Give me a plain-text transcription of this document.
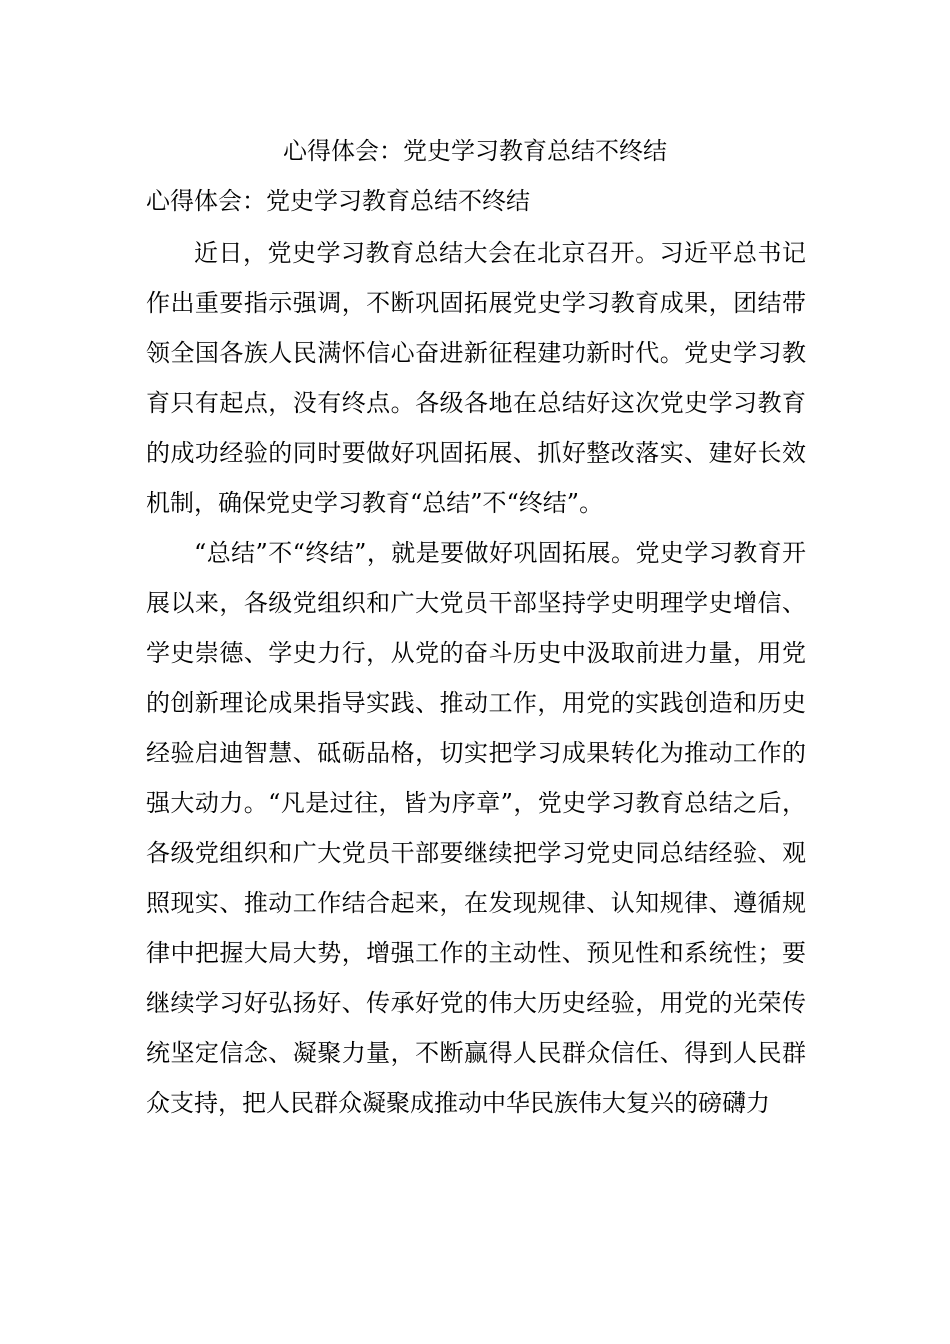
心得体会：党史学习教育总结不终结
心得体会：党史学习教育总结不终结

近日，党史学习教育总结大会在北京召开。习近平总书记作出重要指示强调，不断巩固拓展党史学习教育成果，团结带领全国各族人民满怀信心奋进新征程建功新时代。党史学习教育只有起点，没有终点。各级各地在总结好这次党史学习教育的成功经验的同时要做好巩固拓展、抓好整改落实、建好长效机制，确保党史学习教育“总结”不“终结”。

“总结”不“终结”，就是要做好巩固拓展。党史学习教育开展以来，各级党组织和广大党员干部坚持学史明理学史增信、学史崇德、学史力行，从党的奋斗历史中汲取前进力量，用党的创新理论成果指导实践、推动工作，用党的实践创造和历史经验启迪智慧、砥砺品格，切实把学习成果转化为推动工作的强大动力。“凡是过往，皆为序章”，党史学习教育总结之后，各级党组织和广大党员干部要继续把学习党史同总结经验、观照现实、推动工作结合起来，在发现规律、认知规律、遵循规律中把握大局大势，增强工作的主动性、预见性和系统性；要继续学习好弘扬好、传承好党的伟大历史经验，用党的光荣传统坚定信念、凝聚力量，不断赢得人民群众信任、得到人民群众支持，把人民群众凝聚成推动中华民族伟大复兴的磅礴力
